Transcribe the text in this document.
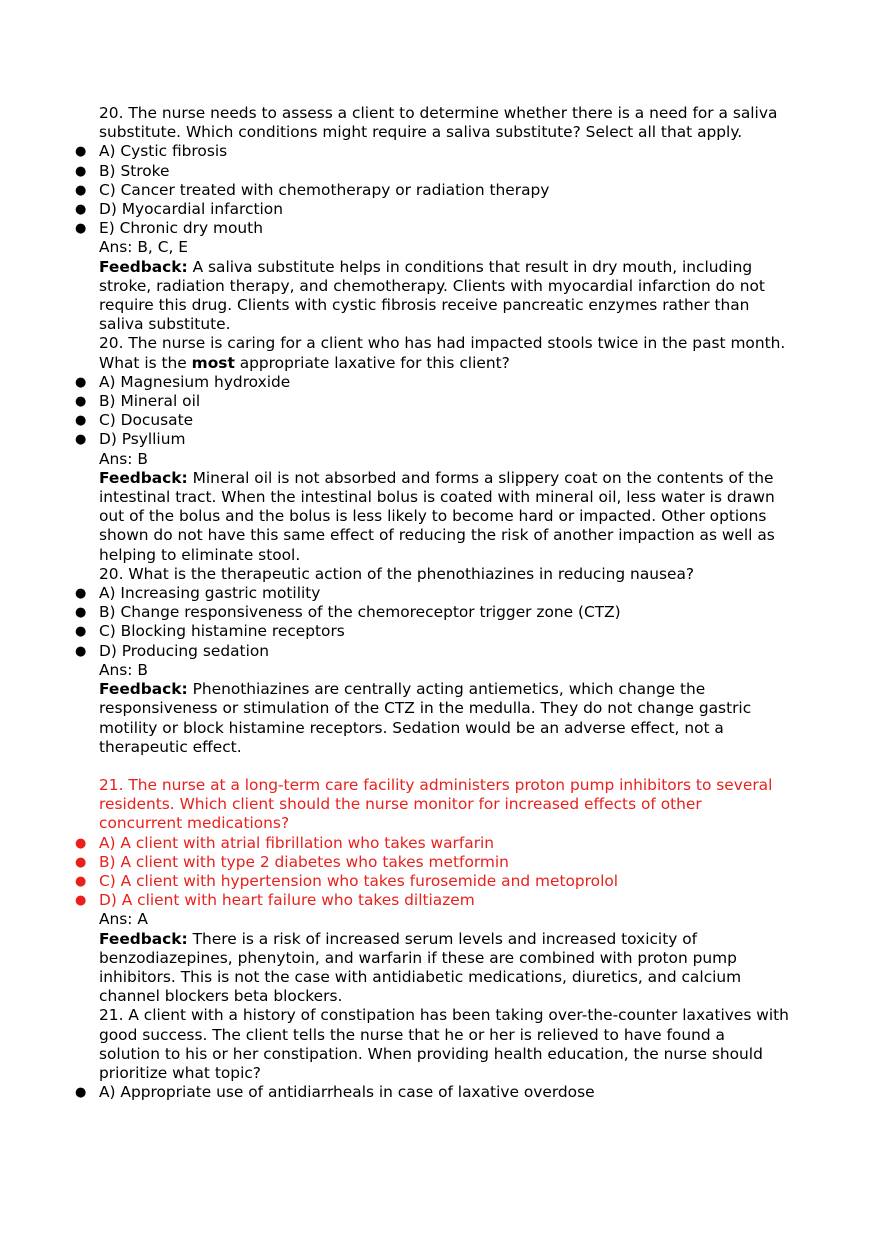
20. The nurse needs to assess a client to determine whether there is a need for a saliva substitute. Which conditions might require a saliva substitute? Select all that apply.
● A) Cystic fibrosis
● B) Stroke
● C) Cancer treated with chemotherapy or radiation therapy
● D) Myocardial infarction
● E) Chronic dry mouth
Ans: B, C, E
Feedback: A saliva substitute helps in conditions that result in dry mouth, including stroke, radiation therapy, and chemotherapy. Clients with myocardial infarction do not require this drug. Clients with cystic fibrosis receive pancreatic enzymes rather than saliva substitute.
20. The nurse is caring for a client who has had impacted stools twice in the past month. What is the most appropriate laxative for this client?
● A) Magnesium hydroxide
● B) Mineral oil
● C) Docusate
● D) Psyllium
Ans: B
Feedback: Mineral oil is not absorbed and forms a slippery coat on the contents of the intestinal tract. When the intestinal bolus is coated with mineral oil, less water is drawn out of the bolus and the bolus is less likely to become hard or impacted. Other options shown do not have this same effect of reducing the risk of another impaction as well as helping to eliminate stool.
20. What is the therapeutic action of the phenothiazines in reducing nausea?
● A) Increasing gastric motility
● B) Change responsiveness of the chemoreceptor trigger zone (CTZ)
● C) Blocking histamine receptors
● D) Producing sedation
Ans: B
Feedback: Phenothiazines are centrally acting antiemetics, which change the responsiveness or stimulation of the CTZ in the medulla. They do not change gastric motility or block histamine receptors. Sedation would be an adverse effect, not a therapeutic effect.
21. The nurse at a long-term care facility administers proton pump inhibitors to several residents. Which client should the nurse monitor for increased effects of other concurrent medications?
● A) A client with atrial fibrillation who takes warfarin
● B) A client with type 2 diabetes who takes metformin
● C) A client with hypertension who takes furosemide and metoprolol
● D) A client with heart failure who takes diltiazem
Ans: A
Feedback: There is a risk of increased serum levels and increased toxicity of benzodiazepines, phenytoin, and warfarin if these are combined with proton pump inhibitors. This is not the case with antidiabetic medications, diuretics, and calcium channel blockers beta blockers.
21. A client with a history of constipation has been taking over-the-counter laxatives with good success. The client tells the nurse that he or her is relieved to have found a solution to his or her constipation. When providing health education, the nurse should prioritize what topic?
● A) Appropriate use of antidiarrheals in case of laxative overdose
